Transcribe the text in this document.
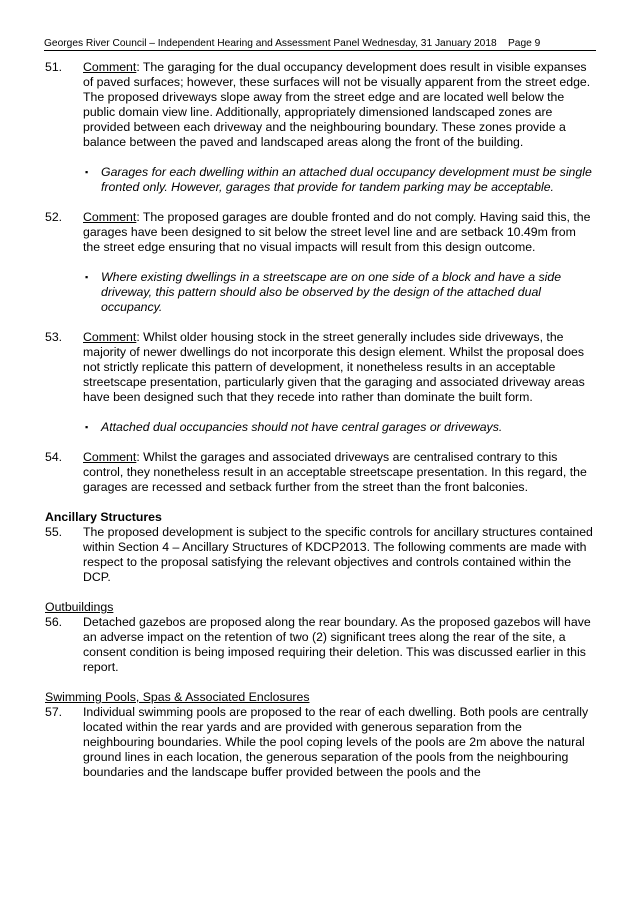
Georges River Council – Independent Hearing and Assessment Panel Wednesday, 31 January 2018 Page 9
51. Comment: The garaging for the dual occupancy development does result in visible expanses of paved surfaces; however, these surfaces will not be visually apparent from the street edge. The proposed driveways slope away from the street edge and are located well below the public domain view line. Additionally, appropriately dimensioned landscaped zones are provided between each driveway and the neighbouring boundary. These zones provide a balance between the paved and landscaped areas along the front of the building.
▪ Garages for each dwelling within an attached dual occupancy development must be single fronted only. However, garages that provide for tandem parking may be acceptable.
52. Comment: The proposed garages are double fronted and do not comply. Having said this, the garages have been designed to sit below the street level line and are setback 10.49m from the street edge ensuring that no visual impacts will result from this design outcome.
▪ Where existing dwellings in a streetscape are on one side of a block and have a side driveway, this pattern should also be observed by the design of the attached dual occupancy.
53. Comment: Whilst older housing stock in the street generally includes side driveways, the majority of newer dwellings do not incorporate this design element. Whilst the proposal does not strictly replicate this pattern of development, it nonetheless results in an acceptable streetscape presentation, particularly given that the garaging and associated driveway areas have been designed such that they recede into rather than dominate the built form.
▪ Attached dual occupancies should not have central garages or driveways.
54. Comment: Whilst the garages and associated driveways are centralised contrary to this control, they nonetheless result in an acceptable streetscape presentation. In this regard, the garages are recessed and setback further from the street than the front balconies.
Ancillary Structures
55. The proposed development is subject to the specific controls for ancillary structures contained within Section 4 – Ancillary Structures of KDCP2013. The following comments are made with respect to the proposal satisfying the relevant objectives and controls contained within the DCP.
Outbuildings
56. Detached gazebos are proposed along the rear boundary. As the proposed gazebos will have an adverse impact on the retention of two (2) significant trees along the rear of the site, a consent condition is being imposed requiring their deletion. This was discussed earlier in this report.
Swimming Pools, Spas & Associated Enclosures
57. Individual swimming pools are proposed to the rear of each dwelling. Both pools are centrally located within the rear yards and are provided with generous separation from the neighbouring boundaries. While the pool coping levels of the pools are 2m above the natural ground lines in each location, the generous separation of the pools from the neighbouring boundaries and the landscape buffer provided between the pools and the
